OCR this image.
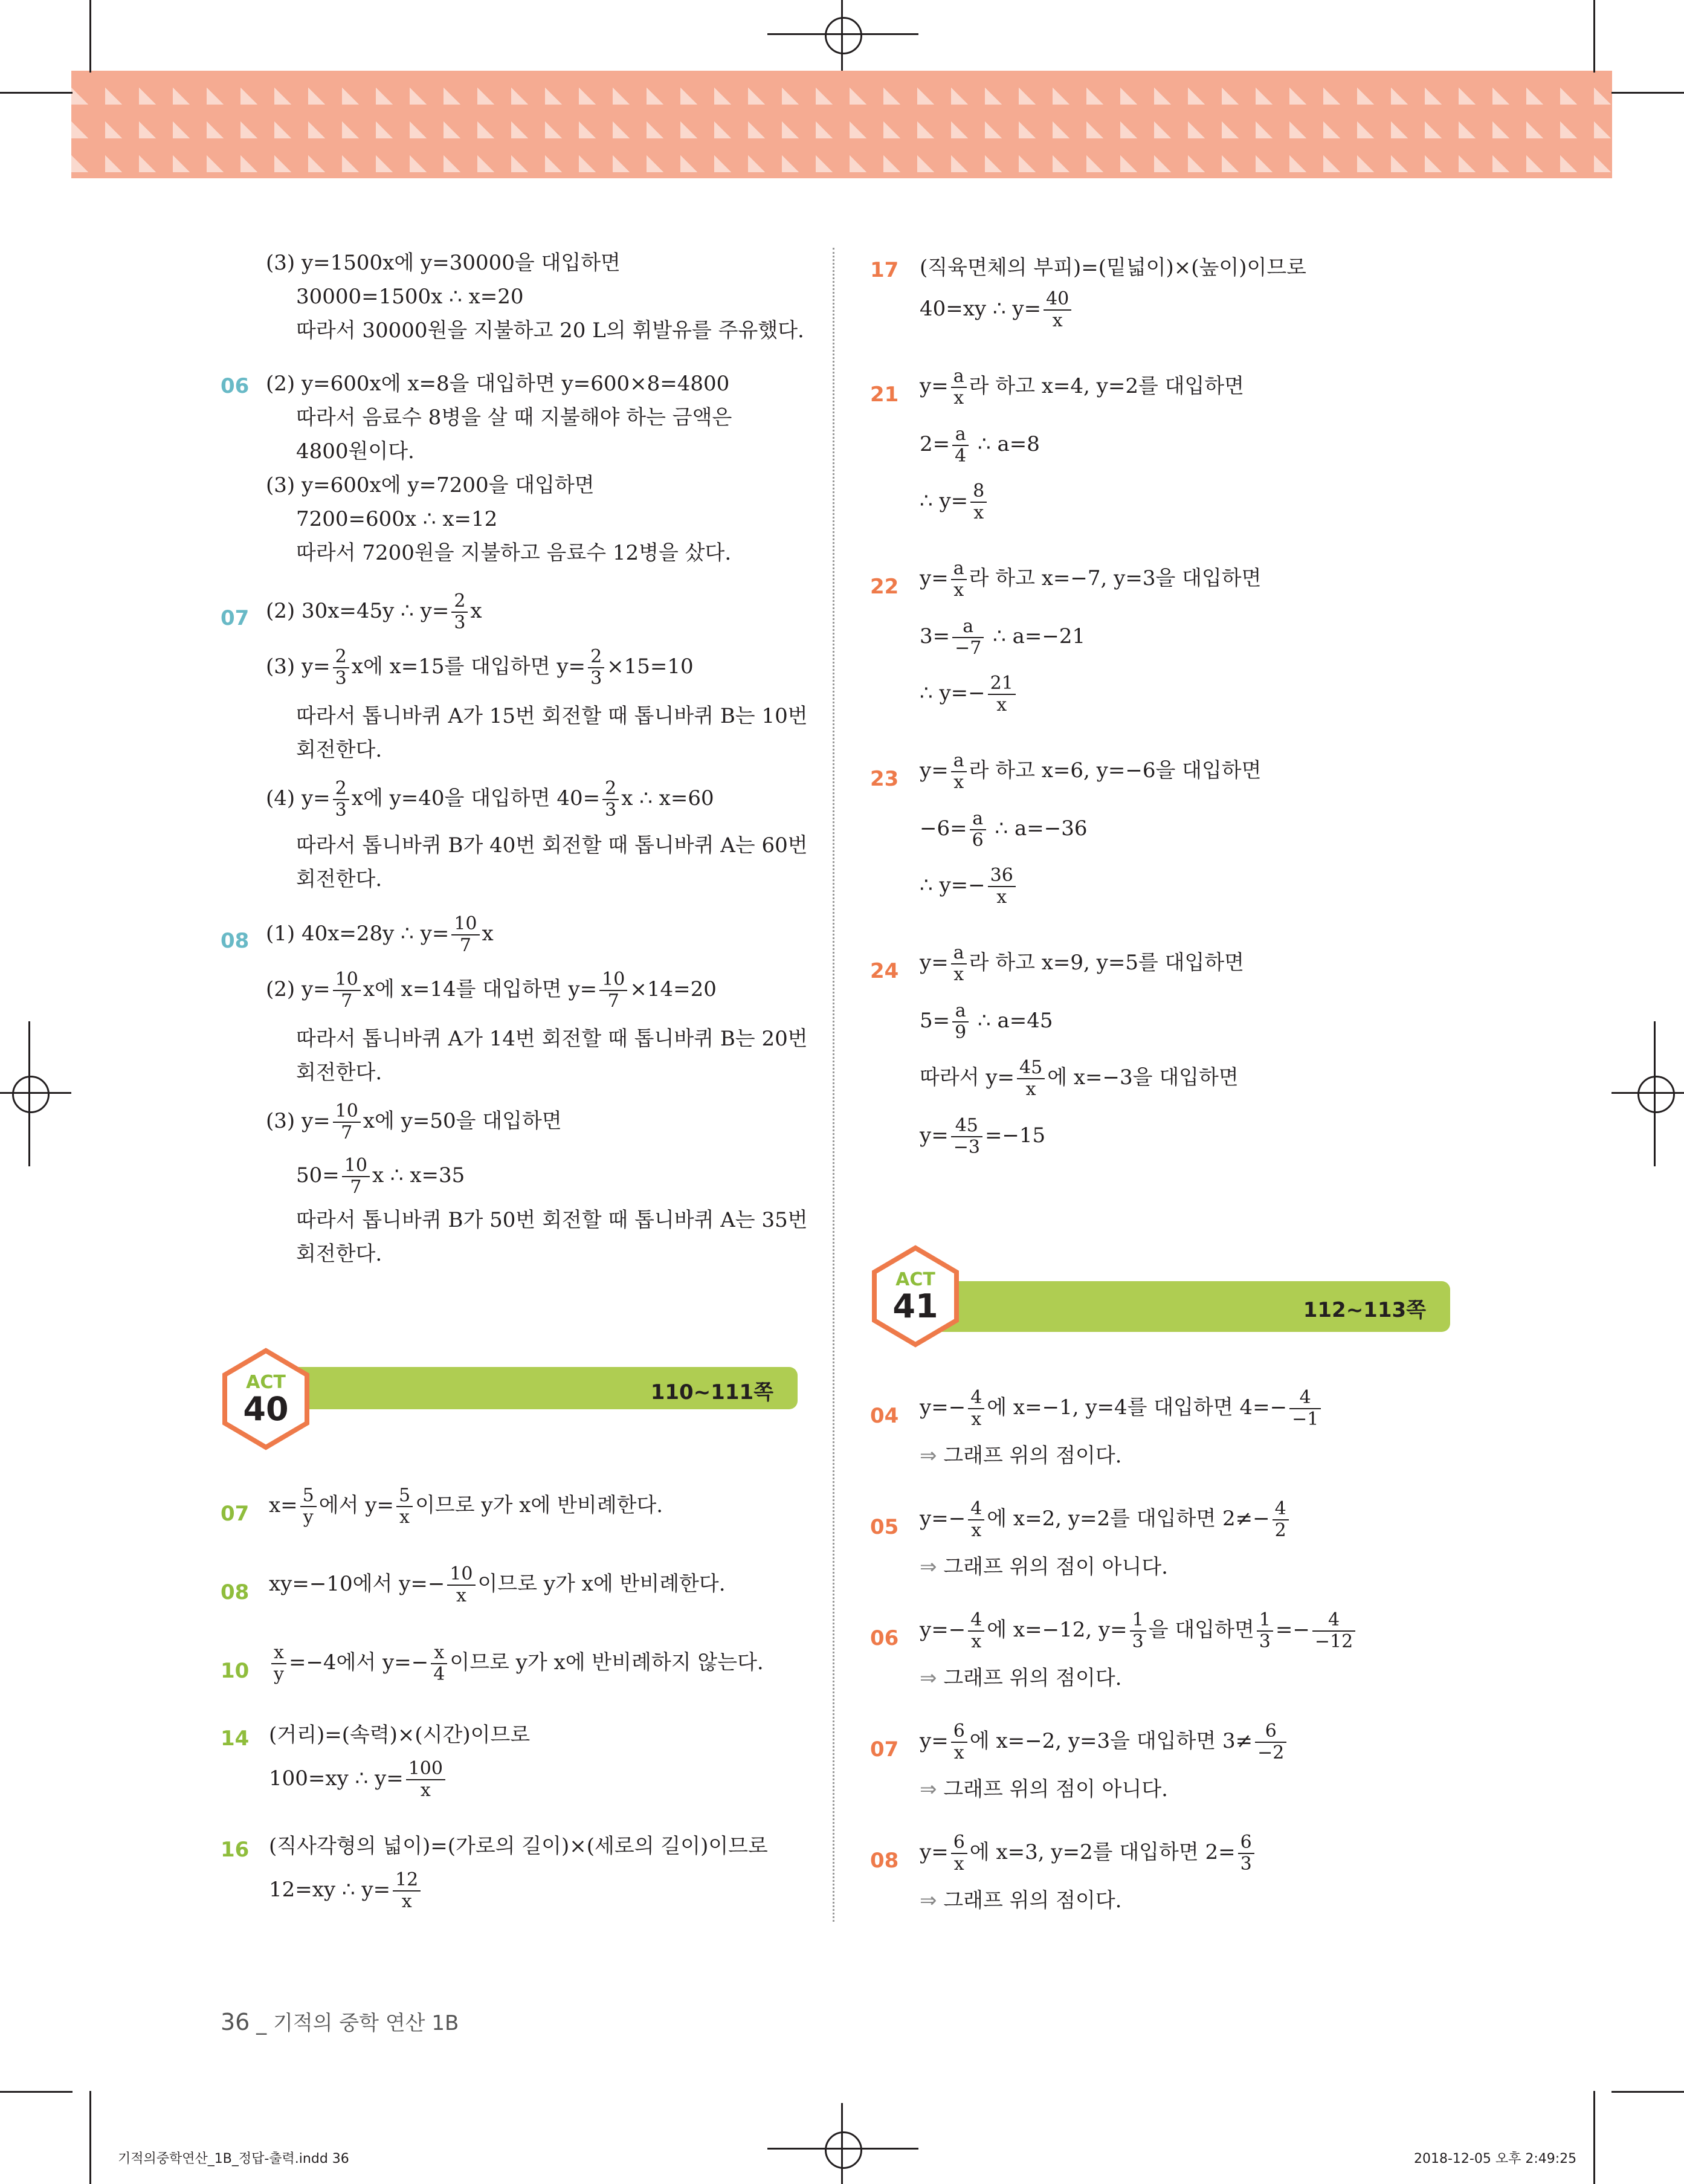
(3) y=1500x에 y=30000을 대입하면
30000=1500x ∴ x=20
따라서 30000원을 지불하고 20 L의 휘발유를 주유했다.
06 (2) y=600x에 x=8을 대입하면 y=600×8=4800
따라서 음료수 8병을 살 때 지불해야 하는 금액은
4800원이다.
(3) y=600x에 y=7200을 대입하면
7200=600x ∴ x=12
따라서 7200원을 지불하고 음료수 12병을 샀다.
07 (2) 30x=45y ∴ $y= \frac{2}{3}$ x
(3) $y= \frac{2}{3}$ x에 x=15를 대입하면 $y= \frac{2}{3} \times 15=10$
따라서 톱니바퀴 A가 15번 회전할 때 톱니바퀴 B는 10번
회전한다.
(4) $y= \frac{2}{3}$ x에 y=40을 대입하면 $40= \frac{2}{3}$ x ∴ x=60
따라서 톱니바퀴 B가 40번 회전할 때 톱니바퀴 A는 60번
회전한다.
08 (1) 40x=28y ∴ $y= \frac{10}{7}$ x
(2) $y= \frac{10}{7}$ x에 x=14를 대입하면 $y= \frac{10}{7} \times 14=20$
따라서 톱니바퀴 A가 14번 회전할 때 톱니바퀴 B는 20번
회전한다.
(3) $y= \frac{10}{7}$ x에 y=50을 대입하면
$50= \frac{10}{7}$ x ∴ x=35
따라서 톱니바퀴 B가 50번 회전할 때 톱니바퀴 A는 35번
회전한다.
110~111쪽
ACT
40
07 $x= \frac{5}{y}$ 에서 $y= \frac{5}{x}$ 이므로 y가 x에 반비례한다.
08 xy=−10에서 $y=- \frac{10}{x}$ 이므로 y가 x에 반비례한다.
$10 \frac{x}{y} =-4$에서 $y=- \frac{x}{4}$ 이므로 y가 x에 반비례하지 않는다.
14 (거리)=(속력)×(시간)이므로
100=xy ∴ $y= \frac{100}{x}$
16 (직사각형의 넓이)=(가로의 길이)×(세로의 길이)이므로
12=xy ∴ $y= \frac{12}{x}$
17 (직육면체의 부피)=(밑넓이)×(높이)이므로
40=xy ∴ $y= \frac{40}{x}$
21 $y= \frac{a}{x}$ 라 하고 x=4, y=2를 대입하면
$2= \frac{a}{4}$ ∴ a=8
∴ $y= \frac{8}{x}$
22 $y= \frac{a}{x}$ 라 하고 x=−7, y=3을 대입하면
$3= \frac{a}{-7}$ ∴ a=−21
∴ $y=- \frac{21}{x}$
23 $y= \frac{a}{x}$ 라 하고 x=6, y=−6을 대입하면
$-6= \frac{a}{6}$ ∴ a=−36
∴ $y=- \frac{36}{x}$
24 $y= \frac{a}{x}$ 라 하고 x=9, y=5를 대입하면
$5= \frac{a}{9}$ ∴ a=45
따라서 $y= \frac{45}{x}$ 에 x=−3을 대입하면
$y= \frac{45}{-3} =-15$
112~113쪽
ACT
41
04 $y=- \frac{4}{x}$ 에 x=−1, y=4를 대입하면 $4=- \frac{4}{-1}$
⇒ 그래프 위의 점이다.
05 $y=- \frac{4}{x}$ 에 x=2, y=2를 대입하면 $2\ne- \frac{4}{2}$
⇒ 그래프 위의 점이 아니다.
06 $y=- \frac{4}{x}$ 에 x=−12, $y= \frac{1}{3}$ 을 대입하면 $\frac{1}{3} =- \frac{4}{-12}$
⇒ 그래프 위의 점이다.
07 $y= \frac{6}{x}$ 에 x=−2, y=3을 대입하면 $3\ne \frac{6}{-2}$
⇒ 그래프 위의 점이 아니다.
08 $y= \frac{6}{x}$ 에 x=3, y=2를 대입하면 $2= \frac{6}{3}$
⇒ 그래프 위의 점이다.
36 _ 기적의 중학 연산 1B
기적의중학연산_1B_정답-출력.indd 36	2018-12-05 오후 2:49:25
